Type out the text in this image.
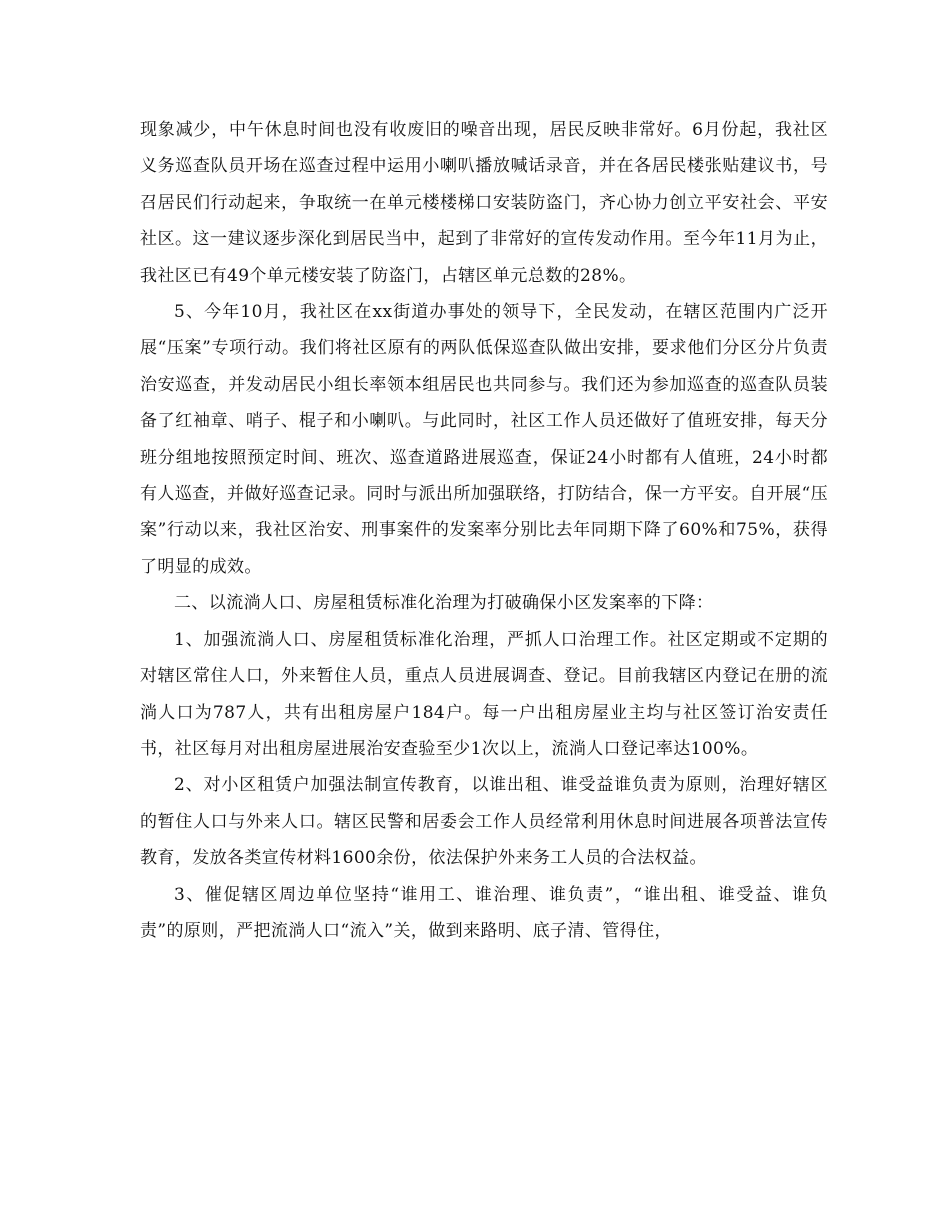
现象减少，中午休息时间也没有收废旧的噪音出现，居民反映非常好。6月份起，我社区义务巡查队员开场在巡查过程中运用小喇叭播放喊话录音，并在各居民楼张贴建议书，号召居民们行动起来，争取统一在单元楼楼梯口安装防盗门，齐心协力创立平安社会、平安社区。这一建议逐步深化到居民当中，起到了非常好的宣传发动作用。至今年11月为止，我社区已有49个单元楼安装了防盗门，占辖区单元总数的28%。

5、今年10月，我社区在xx街道办事处的领导下，全民发动，在辖区范围内广泛开展“压案”专项行动。我们将社区原有的两队低保巡查队做出安排，要求他们分区分片负责治安巡查，并发动居民小组长率领本组居民也共同参与。我们还为参加巡查的巡查队员装备了红袖章、哨子、棍子和小喇叭。与此同时，社区工作人员还做好了值班安排，每天分班分组地按照预定时间、班次、巡查道路进展巡查，保证24小时都有人值班，24小时都有人巡查，并做好巡查记录。同时与派出所加强联络，打防结合，保一方平安。自开展“压案”行动以来，我社区治安、刑事案件的发案率分别比去年同期下降了60%和75%，获得了明显的成效。

二、以流淌人口、房屋租赁标准化治理为打破确保小区发案率的下降：

1、加强流淌人口、房屋租赁标准化治理，严抓人口治理工作。社区定期或不定期的对辖区常住人口，外来暂住人员，重点人员进展调查、登记。目前我辖区内登记在册的流淌人口为787人，共有出租房屋户184户。每一户出租房屋业主均与社区签订治安责任书，社区每月对出租房屋进展治安查验至少1次以上，流淌人口登记率达100%。

2、对小区租赁户加强法制宣传教育，以谁出租、谁受益谁负责为原则，治理好辖区的暂住人口与外来人口。辖区民警和居委会工作人员经常利用休息时间进展各项普法宣传教育，发放各类宣传材料1600余份，依法保护外来务工人员的合法权益。

3、催促辖区周边单位坚持“谁用工、谁治理、谁负责”，“谁出租、谁受益、谁负责”的原则，严把流淌人口“流入”关，做到来路明、底子清、管得住，
